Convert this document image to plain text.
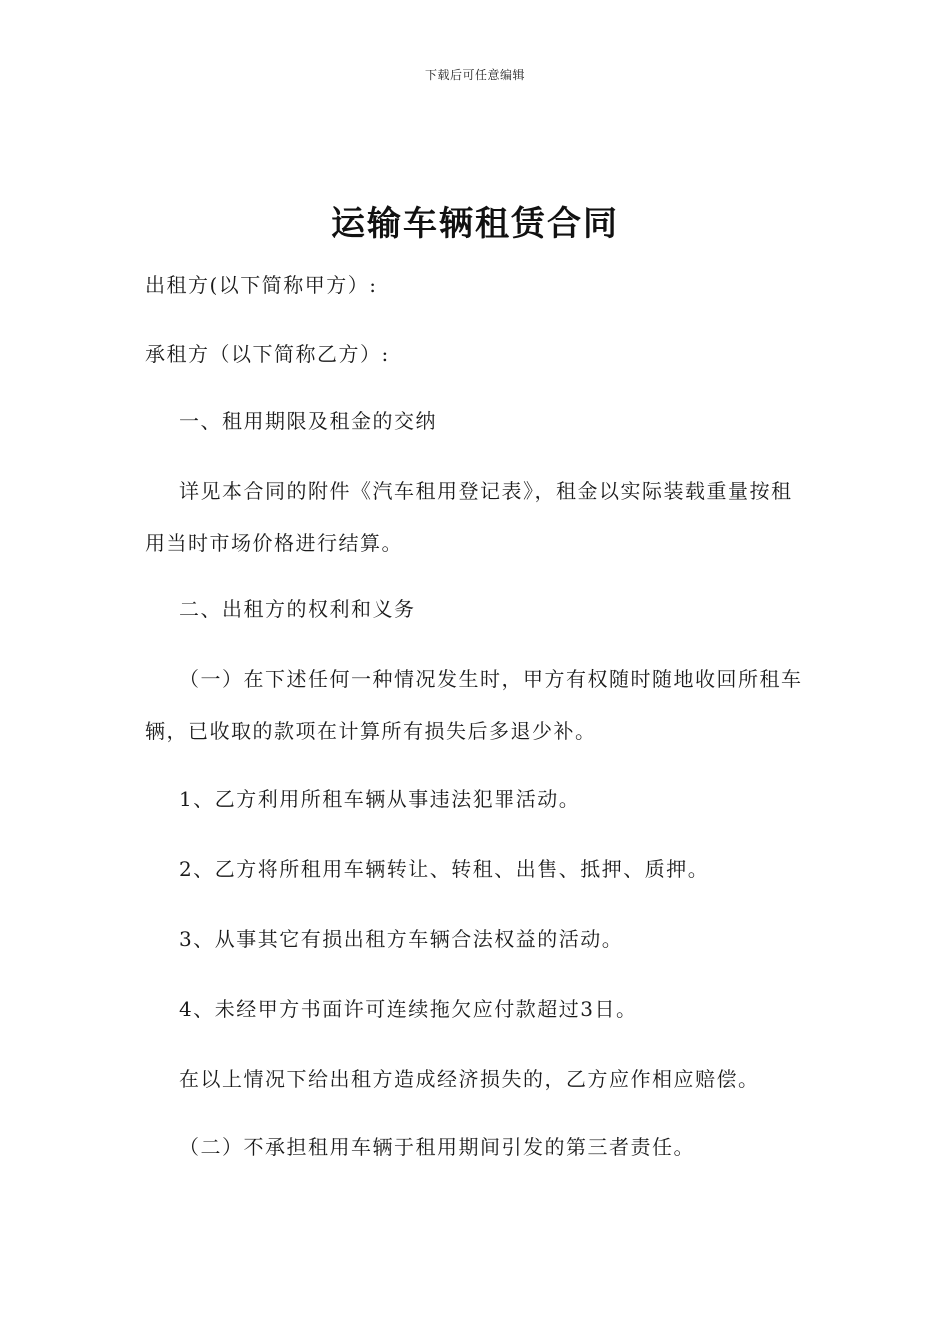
下载后可任意编辑
运输车辆租赁合同

出租方(以下简称甲方）:

承租方（以下简称乙方）:

一、租用期限及租金的交纳

详见本合同的附件《汽车租用登记表》，租金以实际装载重量按租用当时市场价格进行结算。

二、出租方的权利和义务

（一）在下述任何一种情况发生时，甲方有权随时随地收回所租车辆，已收取的款项在计算所有损失后多退少补。

1、乙方利用所租车辆从事违法犯罪活动。

2、乙方将所租用车辆转让、转租、出售、抵押、质押。

3、从事其它有损出租方车辆合法权益的活动。

4、未经甲方书面许可连续拖欠应付款超过3日。

在以上情况下给出租方造成经济损失的，乙方应作相应赔偿。

（二）不承担租用车辆于租用期间引发的第三者责任。
